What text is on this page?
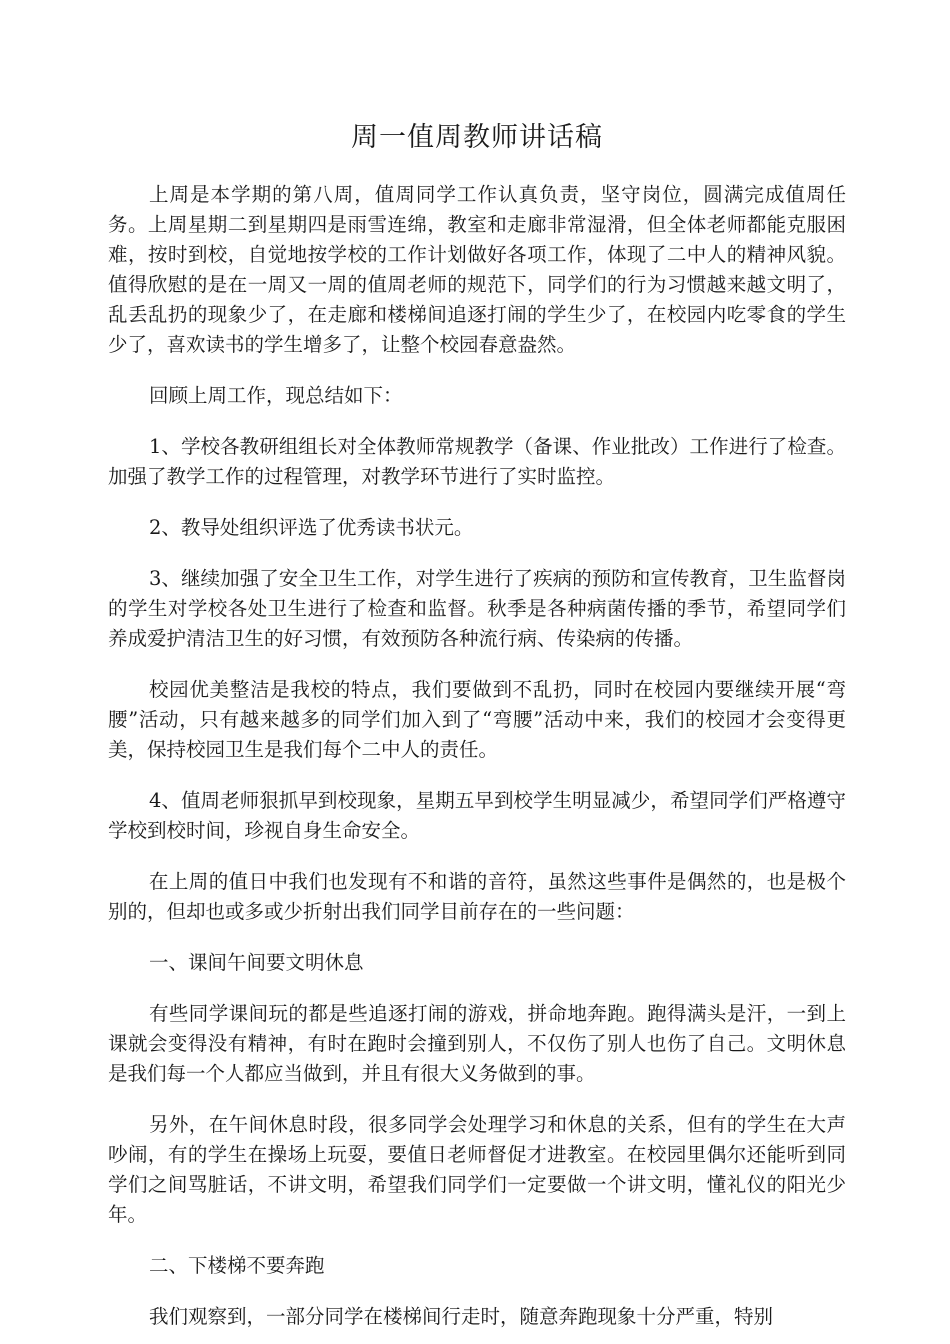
周一值周教师讲话稿

上周是本学期的第八周，值周同学工作认真负责，坚守岗位，圆满完成值周任务。上周星期二到星期四是雨雪连绵，教室和走廊非常湿滑，但全体老师都能克服困难，按时到校，自觉地按学校的工作计划做好各项工作，体现了二中人的精神风貌。值得欣慰的是在一周又一周的值周老师的规范下，同学们的行为习惯越来越文明了，乱丢乱扔的现象少了，在走廊和楼梯间追逐打闹的学生少了，在校园内吃零食的学生少了，喜欢读书的学生增多了，让整个校园春意盎然。

回顾上周工作，现总结如下：

1、学校各教研组组长对全体教师常规教学（备课、作业批改）工作进行了检查。加强了教学工作的过程管理，对教学环节进行了实时监控。

2、教导处组织评选了优秀读书状元。

3、继续加强了安全卫生工作，对学生进行了疾病的预防和宣传教育，卫生监督岗的学生对学校各处卫生进行了检查和监督。秋季是各种病菌传播的季节，希望同学们养成爱护清洁卫生的好习惯，有效预防各种流行病、传染病的传播。

校园优美整洁是我校的特点，我们要做到不乱扔，同时在校园内要继续开展“弯腰”活动，只有越来越多的同学们加入到了“弯腰”活动中来，我们的校园才会变得更美，保持校园卫生是我们每个二中人的责任。

4、值周老师狠抓早到校现象，星期五早到校学生明显减少，希望同学们严格遵守学校到校时间，珍视自身生命安全。

在上周的值日中我们也发现有不和谐的音符，虽然这些事件是偶然的，也是极个别的，但却也或多或少折射出我们同学目前存在的一些问题：

一、课间午间要文明休息

有些同学课间玩的都是些追逐打闹的游戏，拼命地奔跑。跑得满头是汗，一到上课就会变得没有精神，有时在跑时会撞到别人，不仅伤了别人也伤了自己。文明休息是我们每一个人都应当做到，并且有很大义务做到的事。

另外，在午间休息时段，很多同学会处理学习和休息的关系，但有的学生在大声吵闹，有的学生在操场上玩耍，要值日老师督促才进教室。在校园里偶尔还能听到同学们之间骂脏话，不讲文明，希望我们同学们一定要做一个讲文明，懂礼仪的阳光少年。

二、下楼梯不要奔跑

我们观察到，一部分同学在楼梯间行走时，随意奔跑现象十分严重，特别
